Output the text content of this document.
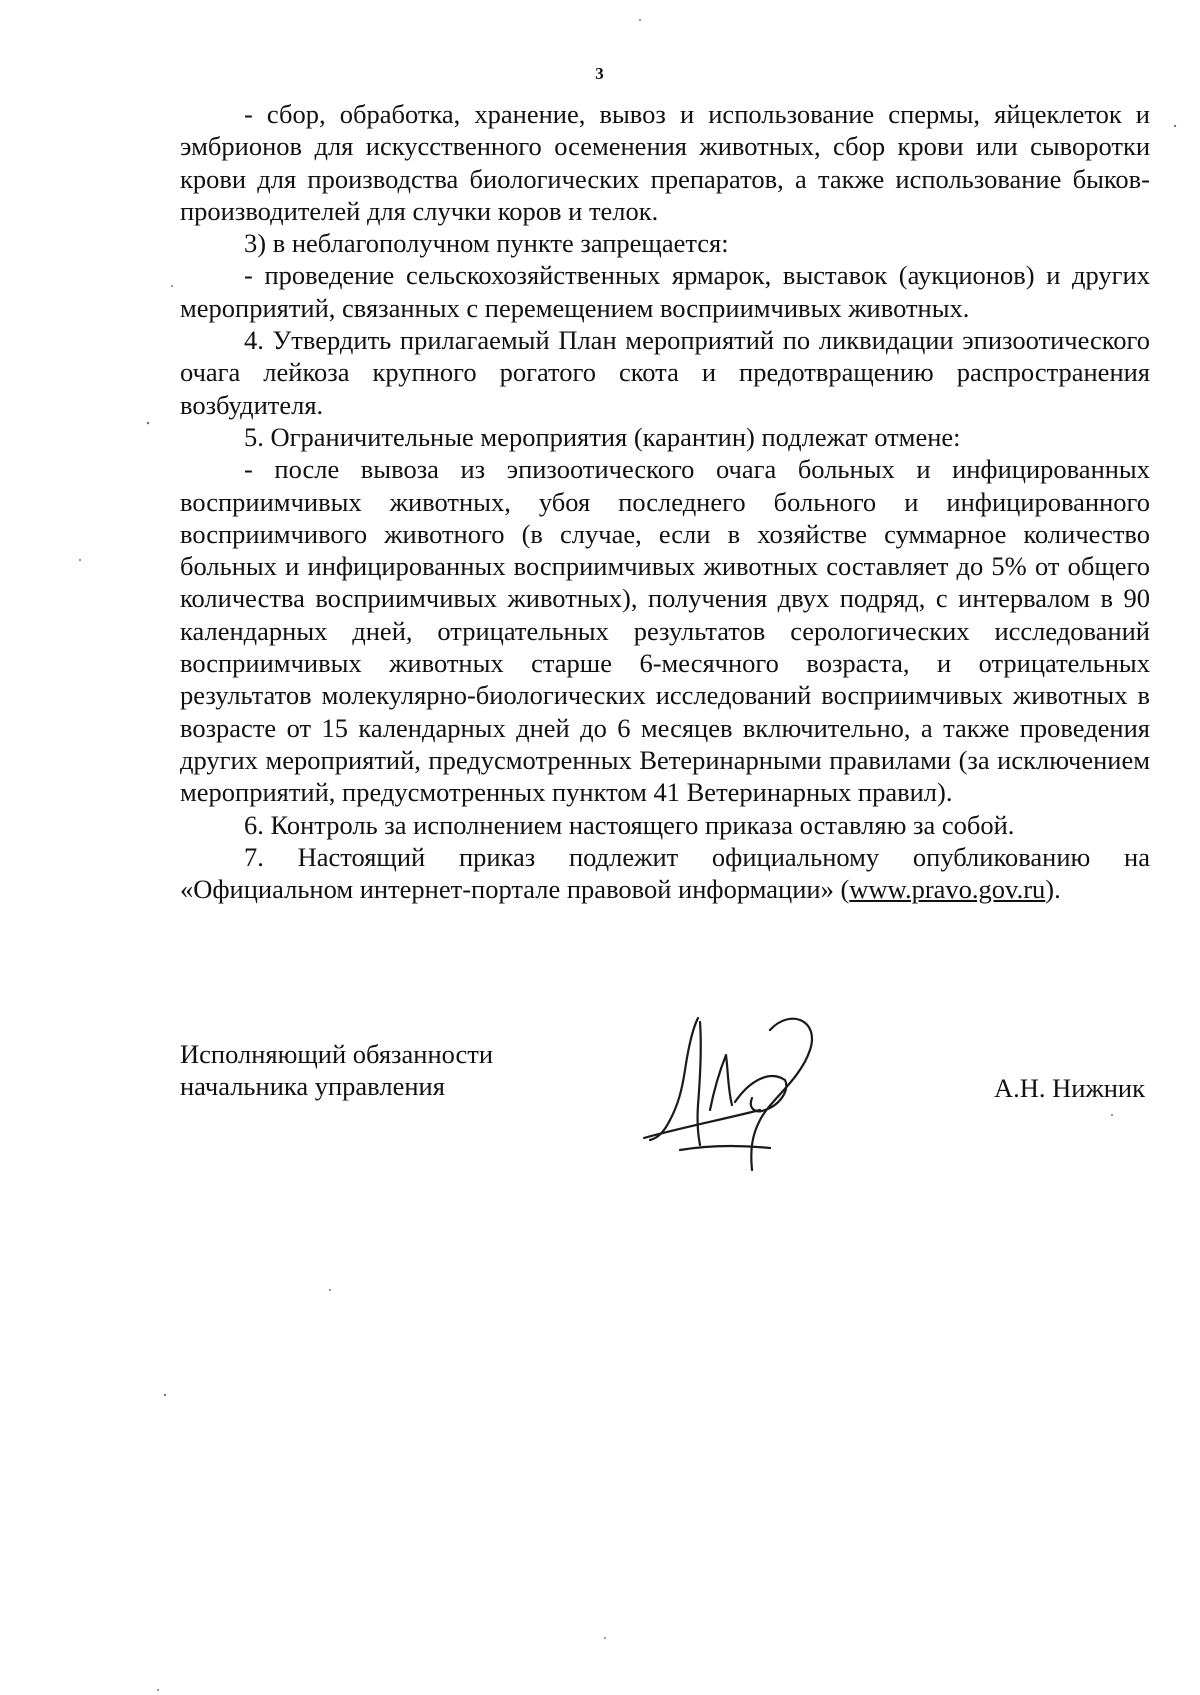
3

- сбор, обработка, хранение, вывоз и использование спермы, яйцеклеток и эмбрионов для искусственного осеменения животных, сбор крови или сыворотки крови для производства биологических препаратов, а также использование быков-производителей для случки коров и телок.

3) в неблагополучном пункте запрещается:

- проведение сельскохозяйственных ярмарок, выставок (аукционов) и других мероприятий, связанных с перемещением восприимчивых животных.

4. Утвердить прилагаемый План мероприятий по ликвидации эпизоотического очага лейкоза крупного рогатого скота и предотвращению распространения возбудителя.

5. Ограничительные мероприятия (карантин) подлежат отмене:

- после вывоза из эпизоотического очага больных и инфицированных восприимчивых животных, убоя последнего больного и инфицированного восприимчивого животного (в случае, если в хозяйстве суммарное количество больных и инфицированных восприимчивых животных составляет до 5% от общего количества восприимчивых животных), получения двух подряд, с интервалом в 90 календарных дней, отрицательных результатов серологических исследований восприимчивых животных старше 6-месячного возраста, и отрицательных результатов молекулярно-биологических исследований восприимчивых животных в возрасте от 15 календарных дней до 6 месяцев включительно, а также проведения других мероприятий, предусмотренных Ветеринарными правилами (за исключением мероприятий, предусмотренных пунктом 41 Ветеринарных правил).

6. Контроль за исполнением настоящего приказа оставляю за собой.

7. Настоящий приказ подлежит официальному опубликованию на «Официальном интернет-портале правовой информации» (www.pravo.gov.ru).

Исполняющий обязанности
начальника управления	А.Н. Нижник
